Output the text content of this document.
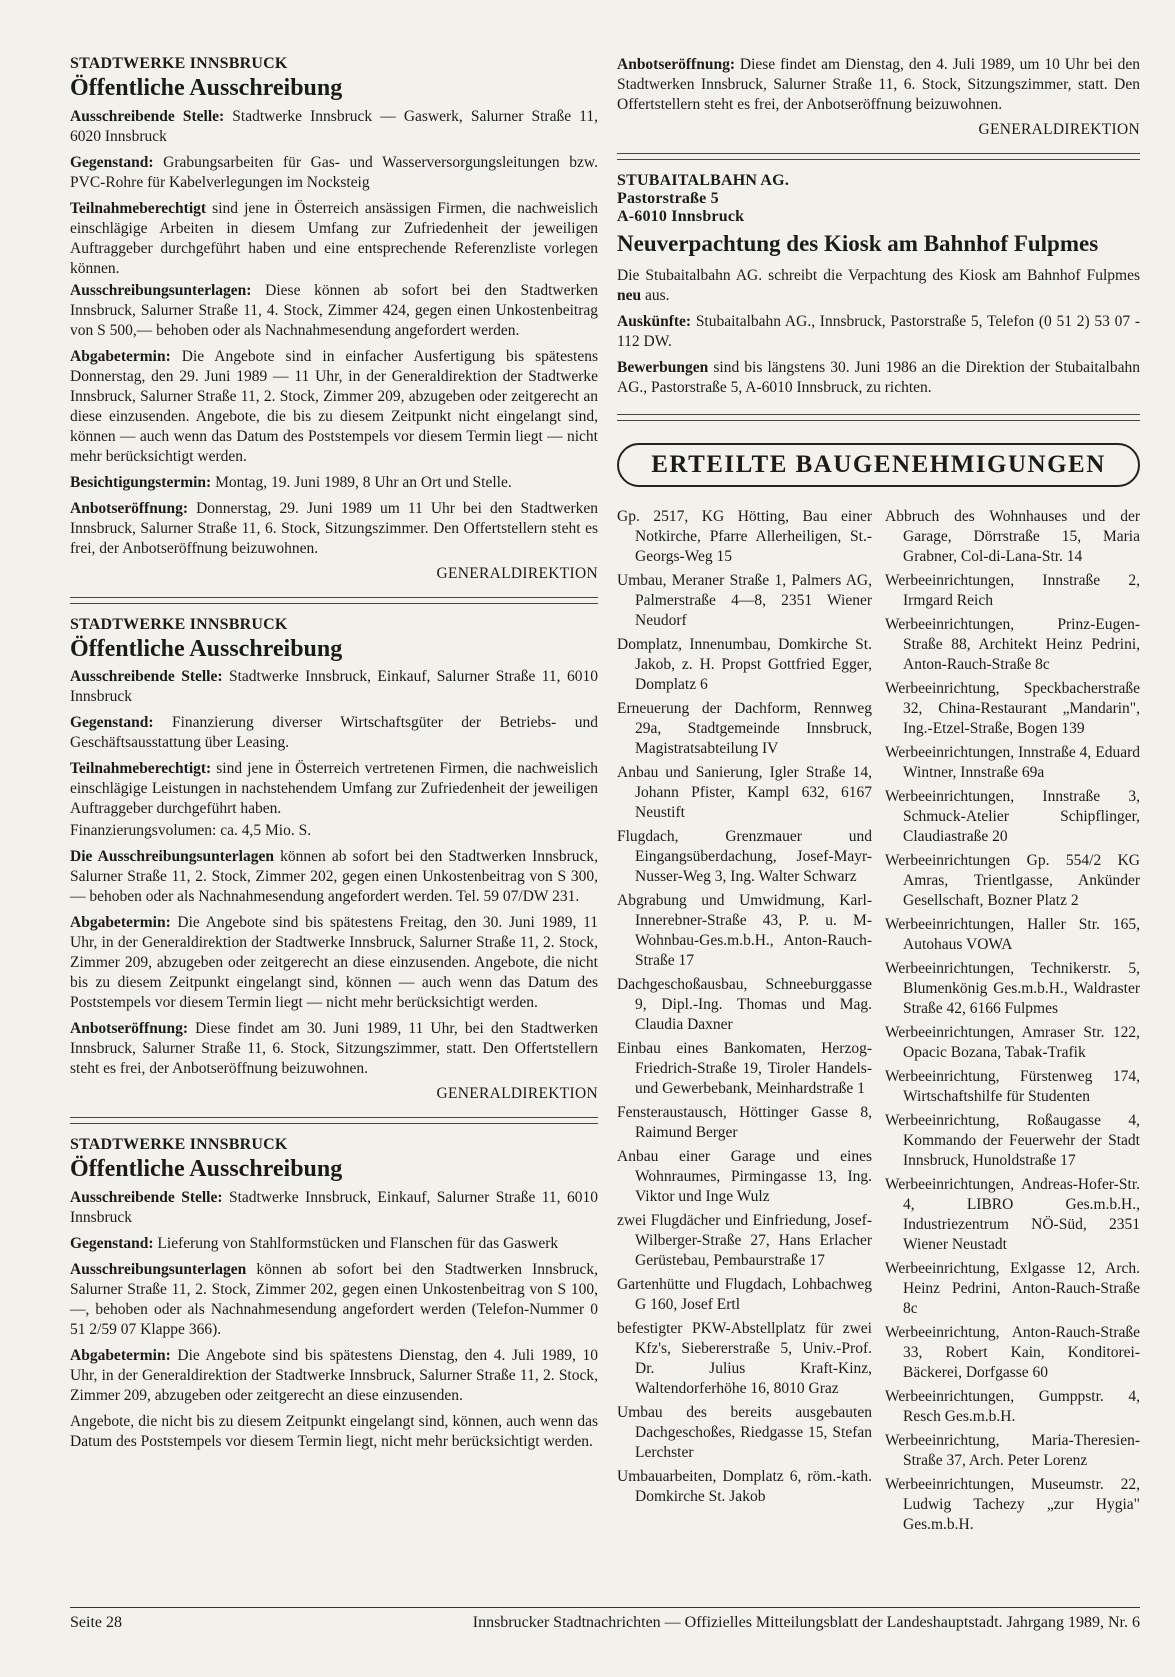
STADTWERKE INNSBRUCK
Öffentliche Ausschreibung

Ausschreibende Stelle: Stadtwerke Innsbruck — Gaswerk, Salurner Straße 11, 6020 Innsbruck

Gegenstand: Grabungsarbeiten für Gas- und Wasserversorgungsleitungen bzw. PVC-Rohre für Kabelverlegungen im Nocksteig

Teilnahmeberechtigt sind jene in Österreich ansässigen Firmen, die nachweislich einschlägige Arbeiten in diesem Umfang zur Zufriedenheit der jeweiligen Auftraggeber durchgeführt haben und eine entsprechende Referenzliste vorlegen können.

Ausschreibungsunterlagen: Diese können ab sofort bei den Stadtwerken Innsbruck, Salurner Straße 11, 4. Stock, Zimmer 424, gegen einen Unkostenbeitrag von S 500,— behoben oder als Nachnahmesendung angefordert werden.

Abgabetermin: Die Angebote sind in einfacher Ausfertigung bis spätestens Donnerstag, den 29. Juni 1989 — 11 Uhr, in der Generaldirektion der Stadtwerke Innsbruck, Salurner Straße 11, 2. Stock, Zimmer 209, abzugeben oder zeitgerecht an diese einzusenden. Angebote, die bis zu diesem Zeitpunkt nicht eingelangt sind, können — auch wenn das Datum des Poststempels vor diesem Termin liegt — nicht mehr berücksichtigt werden.

Besichtigungstermin: Montag, 19. Juni 1989, 8 Uhr an Ort und Stelle.

Anbotseröffnung: Donnerstag, 29. Juni 1989 um 11 Uhr bei den Stadtwerken Innsbruck, Salurner Straße 11, 6. Stock, Sitzungszimmer. Den Offertstellern steht es frei, der Anbotseröffnung beizuwohnen.

GENERALDIREKTION
STADTWERKE INNSBRUCK
Öffentliche Ausschreibung

Ausschreibende Stelle: Stadtwerke Innsbruck, Einkauf, Salurner Straße 11, 6010 Innsbruck

Gegenstand: Finanzierung diverser Wirtschaftsgüter der Betriebs- und Geschäftsausstattung über Leasing.

Teilnahmeberechtigt: sind jene in Österreich vertretenen Firmen, die nachweislich einschlägige Leistungen in nachstehendem Umfang zur Zufriedenheit der jeweiligen Auftraggeber durchgeführt haben.

Finanzierungsvolumen: ca. 4,5 Mio. S.

Die Ausschreibungsunterlagen können ab sofort bei den Stadtwerken Innsbruck, Salurner Straße 11, 2. Stock, Zimmer 202, gegen einen Unkostenbeitrag von S 300,— behoben oder als Nachnahmesendung angefordert werden. Tel. 59 07/DW 231.

Abgabetermin: Die Angebote sind bis spätestens Freitag, den 30. Juni 1989, 11 Uhr, in der Generaldirektion der Stadtwerke Innsbruck, Salurner Straße 11, 2. Stock, Zimmer 209, abzugeben oder zeitgerecht an diese einzusenden. Angebote, die nicht bis zu diesem Zeitpunkt eingelangt sind, können — auch wenn das Datum des Poststempels vor diesem Termin liegt — nicht mehr berücksichtigt werden.

Anbotseröffnung: Diese findet am 30. Juni 1989, 11 Uhr, bei den Stadtwerken Innsbruck, Salurner Straße 11, 6. Stock, Sitzungszimmer, statt. Den Offertstellern steht es frei, der Anbotseröffnung beizuwohnen.

GENERALDIREKTION
STADTWERKE INNSBRUCK
Öffentliche Ausschreibung

Ausschreibende Stelle: Stadtwerke Innsbruck, Einkauf, Salurner Straße 11, 6010 Innsbruck

Gegenstand: Lieferung von Stahlformstücken und Flanschen für das Gaswerk

Ausschreibungsunterlagen können ab sofort bei den Stadtwerken Innsbruck, Salurner Straße 11, 2. Stock, Zimmer 202, gegen einen Unkostenbeitrag von S 100,—, behoben oder als Nachnahmesendung angefordert werden (Telefon-Nummer 0 51 2/59 07 Klappe 366).

Abgabetermin: Die Angebote sind bis spätestens Dienstag, den 4. Juli 1989, 10 Uhr, in der Generaldirektion der Stadtwerke Innsbruck, Salurner Straße 11, 2. Stock, Zimmer 209, abzugeben oder zeitgerecht an diese einzusenden.

Angebote, die nicht bis zu diesem Zeitpunkt eingelangt sind, können, auch wenn das Datum des Poststempels vor diesem Termin liegt, nicht mehr berücksichtigt werden.

Anbotseröffnung: Diese findet am Dienstag, den 4. Juli 1989, um 10 Uhr bei den Stadtwerken Innsbruck, Salurner Straße 11, 6. Stock, Sitzungszimmer, statt. Den Offertstellern steht es frei, der Anbotseröffnung beizuwohnen.

GENERALDIREKTION
STUBAITALBAHN AG.
Pastorstraße 5
A-6010 Innsbruck
Neuverpachtung des Kiosk am Bahnhof Fulpmes

Die Stubaitalbahn AG. schreibt die Verpachtung des Kiosk am Bahnhof Fulpmes neu aus.

Auskünfte: Stubaitalbahn AG., Innsbruck, Pastorstraße 5, Telefon (0 51 2) 53 07 - 112 DW.

Bewerbungen sind bis längstens 30. Juni 1986 an die Direktion der Stubaitalbahn AG., Pastorstraße 5, A-6010 Innsbruck, zu richten.

ERTEILTE BAUGENEHMIGUNGEN
Gp. 2517, KG Hötting, Bau einer Notkirche, Pfarre Allerheiligen, St.-Georgs-Weg 15
Umbau, Meraner Straße 1, Palmers AG, Palmerstraße 4—8, 2351 Wiener Neudorf
Domplatz, Innenumbau, Domkirche St. Jakob, z. H. Propst Gottfried Egger, Domplatz 6
Erneuerung der Dachform, Rennweg 29a, Stadtgemeinde Innsbruck, Magistratsabteilung IV
Anbau und Sanierung, Igler Straße 14, Johann Pfister, Kampl 632, 6167 Neustift
Flugdach, Grenzmauer und Eingangsüberdachung, Josef-Mayr-Nusser-Weg 3, Ing. Walter Schwarz
Abgrabung und Umwidmung, Karl-Innerebner-Straße 43, P. u. M-Wohnbau-Ges.m.b.H., Anton-Rauch-Straße 17
Dachgeschoßausbau, Schneeburggasse 9, Dipl.-Ing. Thomas und Mag. Claudia Daxner
Einbau eines Bankomaten, Herzog-Friedrich-Straße 19, Tiroler Handels- und Gewerbebank, Meinhardstraße 1
Fensteraustausch, Höttinger Gasse 8, Raimund Berger
Anbau einer Garage und eines Wohnraumes, Pirmingasse 13, Ing. Viktor und Inge Wulz
zwei Flugdächer und Einfriedung, Josef-Wilberger-Straße 27, Hans Erlacher Gerüstebau, Pembaurstraße 17
Gartenhütte und Flugdach, Lohbachweg G 160, Josef Ertl
befestigter PKW-Abstellplatz für zwei Kfz's, Siebererstraße 5, Univ.-Prof. Dr. Julius Kraft-Kinz, Waltendorferhöhe 16, 8010 Graz
Umbau des bereits ausgebauten Dachgeschoßes, Riedgasse 15, Stefan Lerchster
Umbauarbeiten, Domplatz 6, röm.-kath. Domkirche St. Jakob
Abbruch des Wohnhauses und der Garage, Dörrstraße 15, Maria Grabner, Col-di-Lana-Str. 14
Werbeeinrichtungen, Innstraße 2, Irmgard Reich
Werbeeinrichtungen, Prinz-Eugen-Straße 88, Architekt Heinz Pedrini, Anton-Rauch-Straße 8c
Werbeeinrichtung, Speckbacherstraße 32, China-Restaurant „Mandarin", Ing.-Etzel-Straße, Bogen 139
Werbeeinrichtungen, Innstraße 4, Eduard Wintner, Innstraße 69a
Werbeeinrichtungen, Innstraße 3, Schmuck-Atelier Schipflinger, Claudiastraße 20
Werbeeinrichtungen Gp. 554/2 KG Amras, Trientlgasse, Ankünder Gesellschaft, Bozner Platz 2
Werbeeinrichtungen, Haller Str. 165, Autohaus VOWA
Werbeeinrichtungen, Technikerstr. 5, Blumenkönig Ges.m.b.H., Waldraster Straße 42, 6166 Fulpmes
Werbeeinrichtungen, Amraser Str. 122, Opacic Bozana, Tabak-Trafik
Werbeeinrichtung, Fürstenweg 174, Wirtschaftshilfe für Studenten
Werbeeinrichtung, Roßaugasse 4, Kommando der Feuerwehr der Stadt Innsbruck, Hunoldstraße 17
Werbeeinrichtungen, Andreas-Hofer-Str. 4, LIBRO Ges.m.b.H., Industriezentrum NÖ-Süd, 2351 Wiener Neustadt
Werbeeinrichtung, Exlgasse 12, Arch. Heinz Pedrini, Anton-Rauch-Straße 8c
Werbeeinrichtung, Anton-Rauch-Straße 33, Robert Kain, Konditorei-Bäckerei, Dorfgasse 60
Werbeeinrichtungen, Gumppstr. 4, Resch Ges.m.b.H.
Werbeeinrichtung, Maria-Theresien-Straße 37, Arch. Peter Lorenz
Werbeeinrichtungen, Museumstr. 22, Ludwig Tachezy „zur Hygia" Ges.m.b.H.
Seite 28	Innsbrucker Stadtnachrichten — Offizielles Mitteilungsblatt der Landeshauptstadt. Jahrgang 1989, Nr. 6
